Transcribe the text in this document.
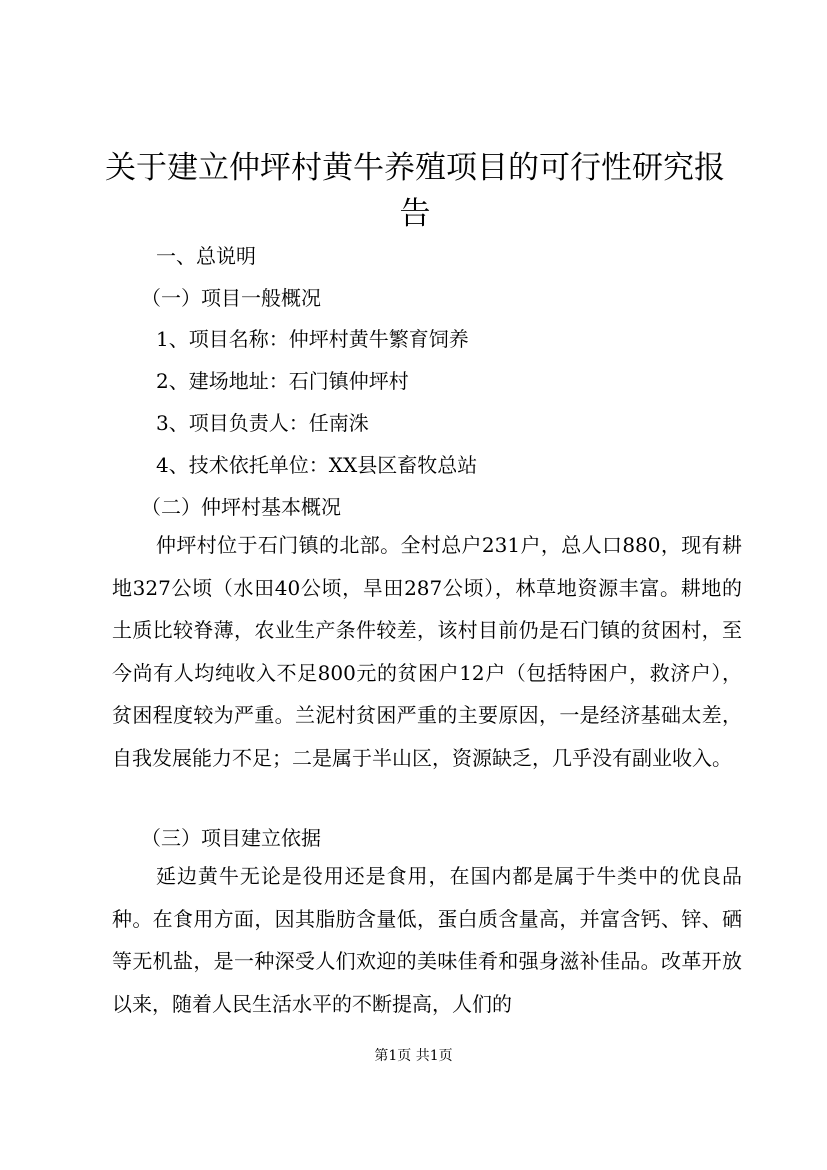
关于建立仲坪村黄牛养殖项目的可行性研究报告
一、总说明
（一）项目一般概况
1、项目名称：仲坪村黄牛繁育饲养
2、建场地址：石门镇仲坪村
3、项目负责人：任南洙
4、技术依托单位：XX县区畜牧总站
（二）仲坪村基本概况
仲坪村位于石门镇的北部。全村总户231户，总人口880，现有耕地327公顷（水田40公顷，旱田287公顷），林草地资源丰富。耕地的土质比较脊薄，农业生产条件较差，该村目前仍是石门镇的贫困村，至今尚有人均纯收入不足800元的贫困户12户（包括特困户，救济户），贫困程度较为严重。兰泥村贫困严重的主要原因，一是经济基础太差，自我发展能力不足；二是属于半山区，资源缺乏，几乎没有副业收入。
（三）项目建立依据
延边黄牛无论是役用还是食用，在国内都是属于牛类中的优良品种。在食用方面，因其脂肪含量低，蛋白质含量高，并富含钙、锌、硒等无机盐，是一种深受人们欢迎的美味佳肴和强身滋补佳品。改革开放以来，随着人民生活水平的不断提高，人们的
第1页 共1页
